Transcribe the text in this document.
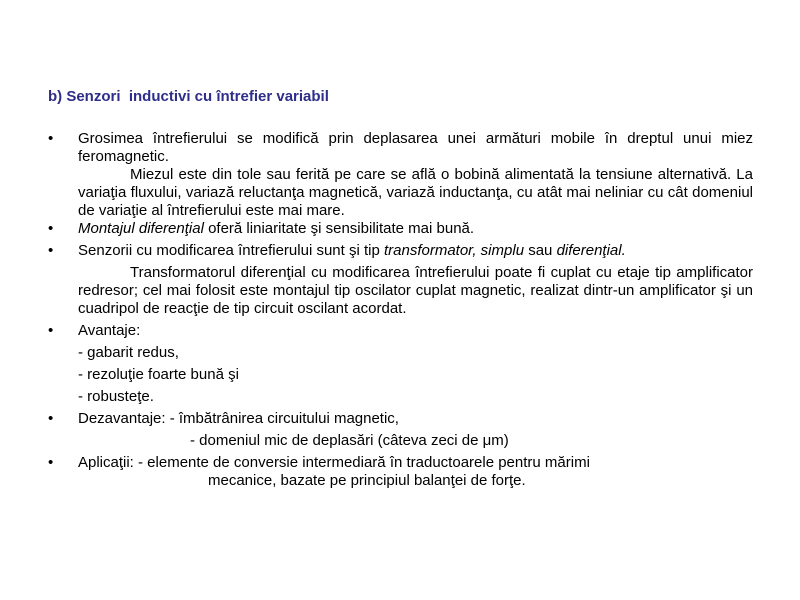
b) Senzori  inductivi cu întrefier variabil
• Grosimea întrefierului se modifică prin deplasarea unei armături mobile în dreptul unui miez feromagnetic.
Miezul este din tole sau ferită pe care se află o bobină alimentată la tensiune alternativă. La variaţia fluxului, variază reluctanţa magnetică, variază inductanţa, cu atât mai neliniar cu cât domeniul de variaţie al întrefierului este mai mare.
• Montajul diferenţial oferă liniaritate şi sensibilitate mai bună.
• Senzorii cu modificarea întrefierului sunt şi tip transformator, simplu sau diferenţial.
Transformatorul diferenţial cu modificarea întrefierului poate fi cuplat cu etaje tip amplificator redresor; cel mai folosit este montajul tip oscilator cuplat magnetic, realizat dintr-un amplificator şi un cuadripol de reacţie de tip circuit oscilant acordat.
• Avantaje:
- gabarit redus,
- rezoluţie foarte bună şi
- robusteţe.
• Dezavantaje: - îmbătrânirea circuitului magnetic,
- domeniul mic de deplasări (câteva zeci de μm)
• Aplicaţii: - elemente de conversie intermediară în traductoarele pentru mărimi
mecanice, bazate pe principiul balanţei de forţe.
